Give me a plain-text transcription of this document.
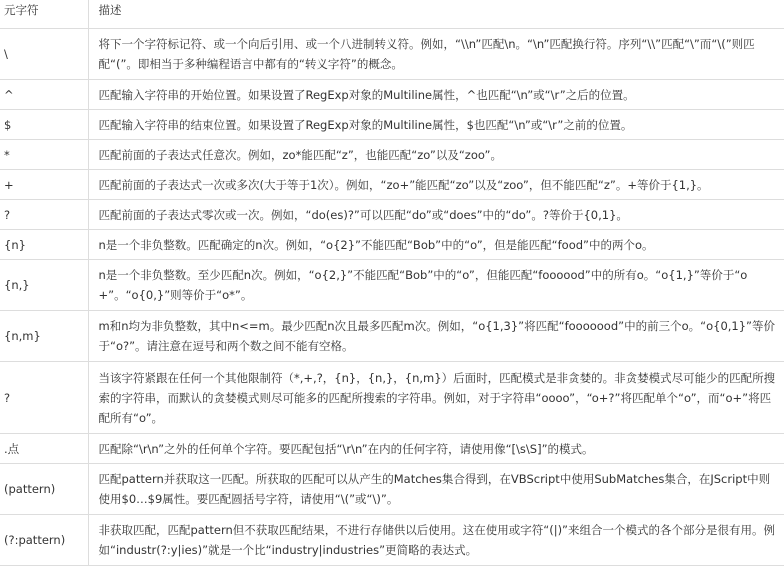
元字符	描述
\	将下一个字符标记符、或一个向后引用、或一个八进制转义符。例如，“\\n”匹配\n。“\n”匹配换行符。序列“\\”匹配“\”而“\(”则匹配“(”。即相当于多种编程语言中都有的“转义字符”的概念。
^	匹配输入字符串的开始位置。如果设置了RegExp对象的Multiline属性，^也匹配“\n”或“\r”之后的位置。
$	匹配输入字符串的结束位置。如果设置了RegExp对象的Multiline属性，$也匹配“\n”或“\r”之前的位置。
*	匹配前面的子表达式任意次。例如，zo*能匹配“z”，也能匹配“zo”以及“zoo”。
+	匹配前面的子表达式一次或多次(大于等于1次）。例如，“zo+”能匹配“zo”以及“zoo”，但不能匹配“z”。+等价于{1,}。
?	匹配前面的子表达式零次或一次。例如，“do(es)?”可以匹配“do”或“does”中的“do”。?等价于{0,1}。
{n}	n是一个非负整数。匹配确定的n次。例如，“o{2}”不能匹配“Bob”中的“o”，但是能匹配“food”中的两个o。
{n,}	n是一个非负整数。至少匹配n次。例如，“o{2,}”不能匹配“Bob”中的“o”，但能匹配“foooood”中的所有o。“o{1,}”等价于“o+”。“o{0,}”则等价于“o*”。
{n,m}	m和n均为非负整数，其中n<=m。最少匹配n次且最多匹配m次。例如，“o{1,3}”将匹配“fooooood”中的前三个o。“o{0,1}”等价于“o?”。请注意在逗号和两个数之间不能有空格。
?	当该字符紧跟在任何一个其他限制符（*,+,?，{n}，{n,}，{n,m}）后面时，匹配模式是非贪婪的。非贪婪模式尽可能少的匹配所搜索的字符串，而默认的贪婪模式则尽可能多的匹配所搜索的字符串。例如，对于字符串“oooo”，“o+?”将匹配单个“o”，而“o+”将匹配所有“o”。
.点	匹配除“\r\n”之外的任何单个字符。要匹配包括“\r\n”在内的任何字符，请使用像“[\s\S]”的模式。
(pattern)	匹配pattern并获取这一匹配。所获取的匹配可以从产生的Matches集合得到，在VBScript中使用SubMatches集合，在JScript中则使用$0…$9属性。要匹配圆括号字符，请使用“\(”或“\)”。
(?:pattern)	非获取匹配，匹配pattern但不获取匹配结果，不进行存储供以后使用。这在使用或字符“(|)”来组合一个模式的各个部分是很有用。例如“industr(?:y|ies)”就是一个比“industry|industries”更简略的表达式。
